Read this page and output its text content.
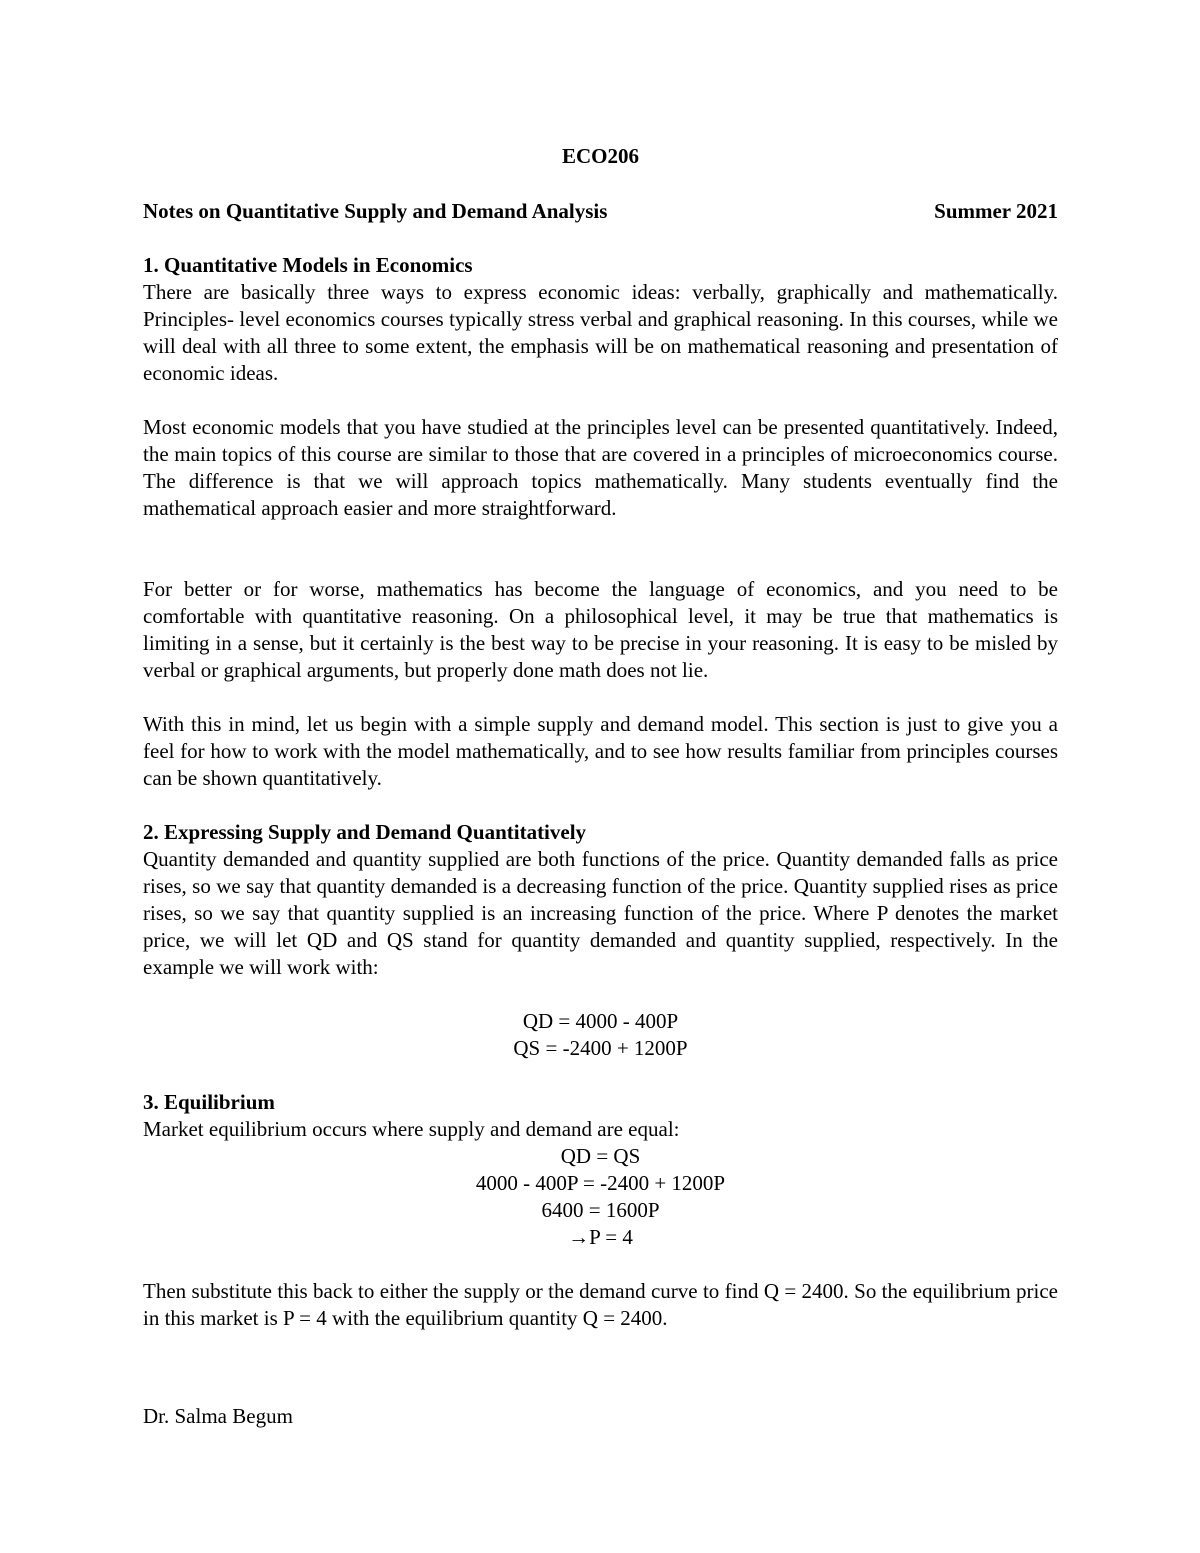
ECO206
Notes on Quantitative Supply and Demand Analysis	Summer 2021

1. Quantitative Models in Economics

There are basically three ways to express economic ideas: verbally, graphically and mathematically. Principles- level economics courses typically stress verbal and graphical reasoning. In this courses, while we will deal with all three to some extent, the emphasis will be on mathematical reasoning and presentation of economic ideas.

Most economic models that you have studied at the principles level can be presented quantitatively. Indeed, the main topics of this course are similar to those that are covered in a principles of microeconomics course. The difference is that we will approach topics mathematically. Many students eventually find the mathematical approach easier and more straightforward.

For better or for worse, mathematics has become the language of economics, and you need to be comfortable with quantitative reasoning. On a philosophical level, it may be true that mathematics is limiting in a sense, but it certainly is the best way to be precise in your reasoning. It is easy to be misled by verbal or graphical arguments, but properly done math does not lie.

With this in mind, let us begin with a simple supply and demand model. This section is just to give you a feel for how to work with the model mathematically, and to see how results familiar from principles courses can be shown quantitatively.

2. Expressing Supply and Demand Quantitatively

Quantity demanded and quantity supplied are both functions of the price. Quantity demanded falls as price rises, so we say that quantity demanded is a decreasing function of the price. Quantity supplied rises as price rises, so we say that quantity supplied is an increasing function of the price. Where P denotes the market price, we will let QD and QS stand for quantity demanded and quantity supplied, respectively. In the example we will work with:

QD = 4000 - 400P

QS = -2400 + 1200P

3. Equilibrium

Market equilibrium occurs where supply and demand are equal:

QD = QS

4000 - 400P = -2400 + 1200P

6400 = 1600P

→P = 4

Then substitute this back to either the supply or the demand curve to find Q = 2400. So the equilibrium price in this market is P = 4 with the equilibrium quantity Q = 2400.

Dr. Salma Begum
